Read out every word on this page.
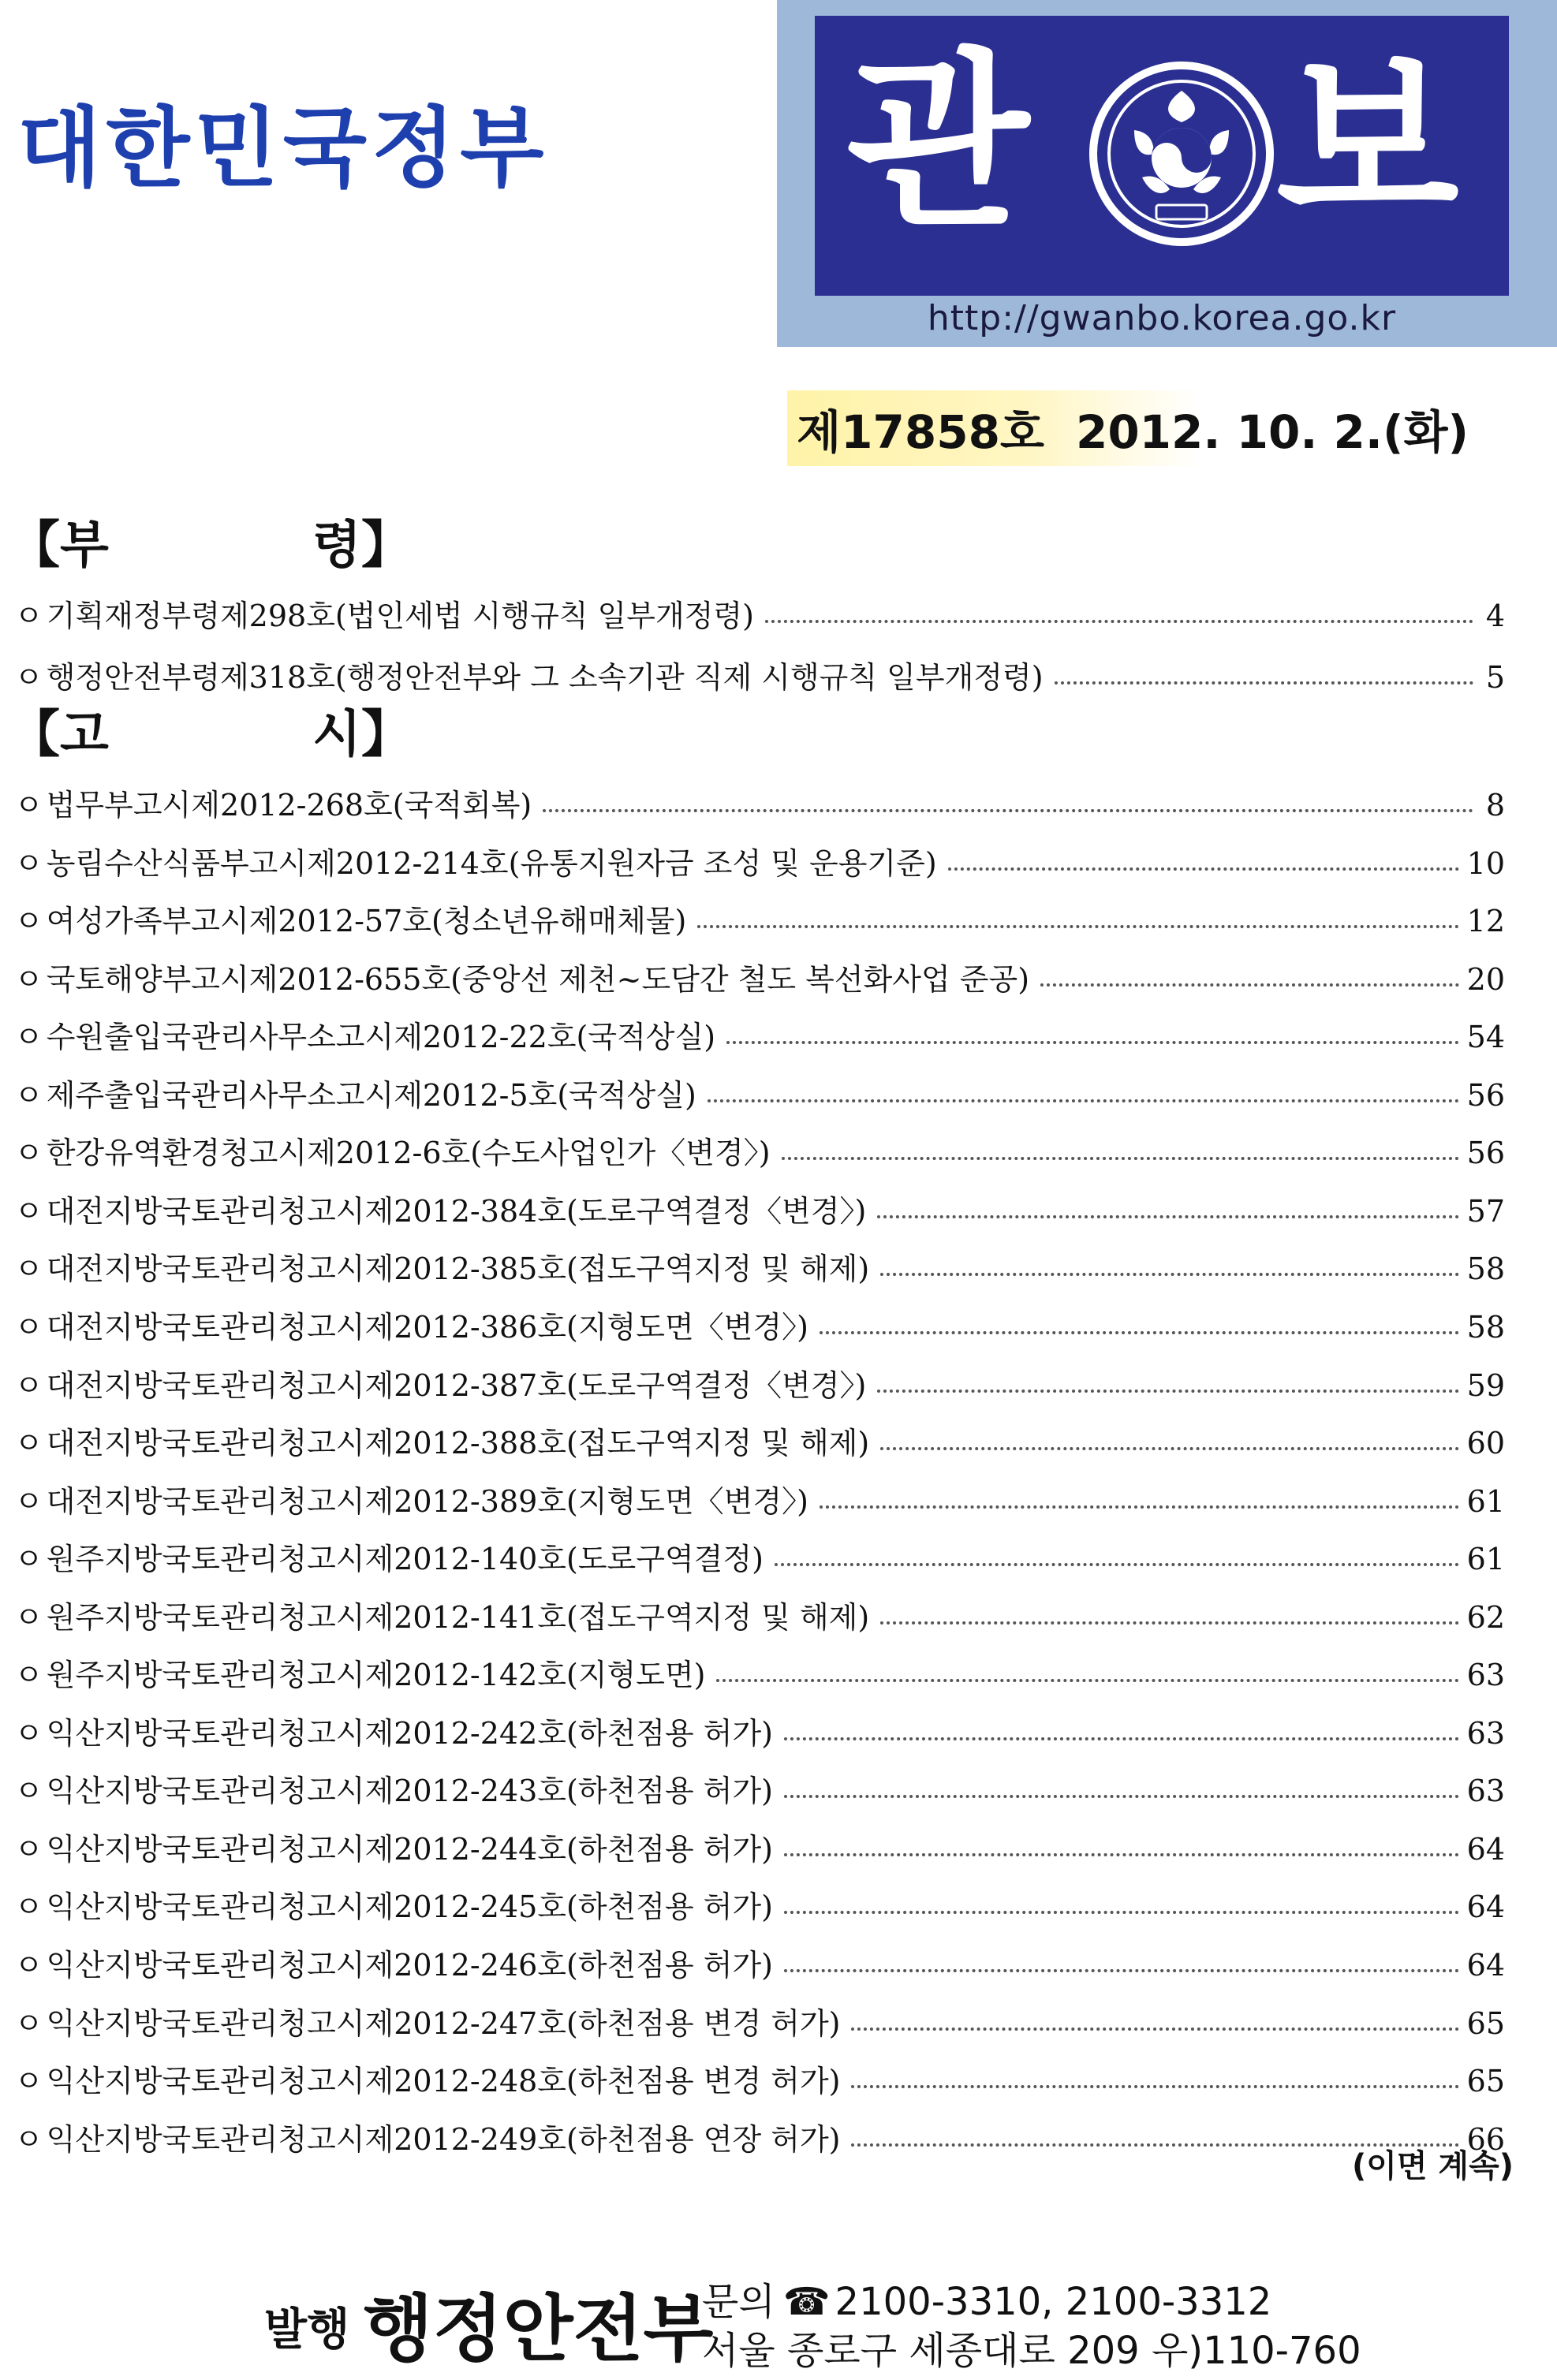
대한민국정부 관 보
http://gwanbo.korea.go.kr
제17858호 2012. 10. 2.(화)
【부	령】
ㅇ 기획재정부령제298호(법인세법 시행규칙 일부개정령)	4
ㅇ 행정안전부령제318호(행정안전부와 그 소속기관 직제 시행규칙 일부개정령)	5
【고	시】
ㅇ 법무부고시제2012-268호(국적회복)	8
ㅇ 농림수산식품부고시제2012-214호(유통지원자금 조성 및 운용기준)	10
ㅇ 여성가족부고시제2012-57호(청소년유해매체물)	12
ㅇ 국토해양부고시제2012-655호(중앙선 제천~도담간 철도 복선화사업 준공)	20
ㅇ 수원출입국관리사무소고시제2012-22호(국적상실)	54
ㅇ 제주출입국관리사무소고시제2012-5호(국적상실)	56
ㅇ 한강유역환경청고시제2012-6호(수도사업인가〈변경〉)	56
ㅇ 대전지방국토관리청고시제2012-384호(도로구역결정〈변경〉)	57
ㅇ 대전지방국토관리청고시제2012-385호(접도구역지정 및 해제)	58
ㅇ 대전지방국토관리청고시제2012-386호(지형도면〈변경〉)	58
ㅇ 대전지방국토관리청고시제2012-387호(도로구역결정〈변경〉)	59
ㅇ 대전지방국토관리청고시제2012-388호(접도구역지정 및 해제)	60
ㅇ 대전지방국토관리청고시제2012-389호(지형도면〈변경〉)	61
ㅇ 원주지방국토관리청고시제2012-140호(도로구역결정)	61
ㅇ 원주지방국토관리청고시제2012-141호(접도구역지정 및 해제)	62
ㅇ 원주지방국토관리청고시제2012-142호(지형도면)	63
ㅇ 익산지방국토관리청고시제2012-242호(하천점용 허가)	63
ㅇ 익산지방국토관리청고시제2012-243호(하천점용 허가)	63
ㅇ 익산지방국토관리청고시제2012-244호(하천점용 허가)	64
ㅇ 익산지방국토관리청고시제2012-245호(하천점용 허가)	64
ㅇ 익산지방국토관리청고시제2012-246호(하천점용 허가)	64
ㅇ 익산지방국토관리청고시제2012-247호(하천점용 변경 허가)	65
ㅇ 익산지방국토관리청고시제2012-248호(하천점용 변경 허가)	65
ㅇ 익산지방국토관리청고시제2012-249호(하천점용 연장 허가)	66
(이면 계속)
발행 행정안전부
문의 ☎ 2100-3310, 2100-3312
서울 종로구 세종대로 209 우)110-760
